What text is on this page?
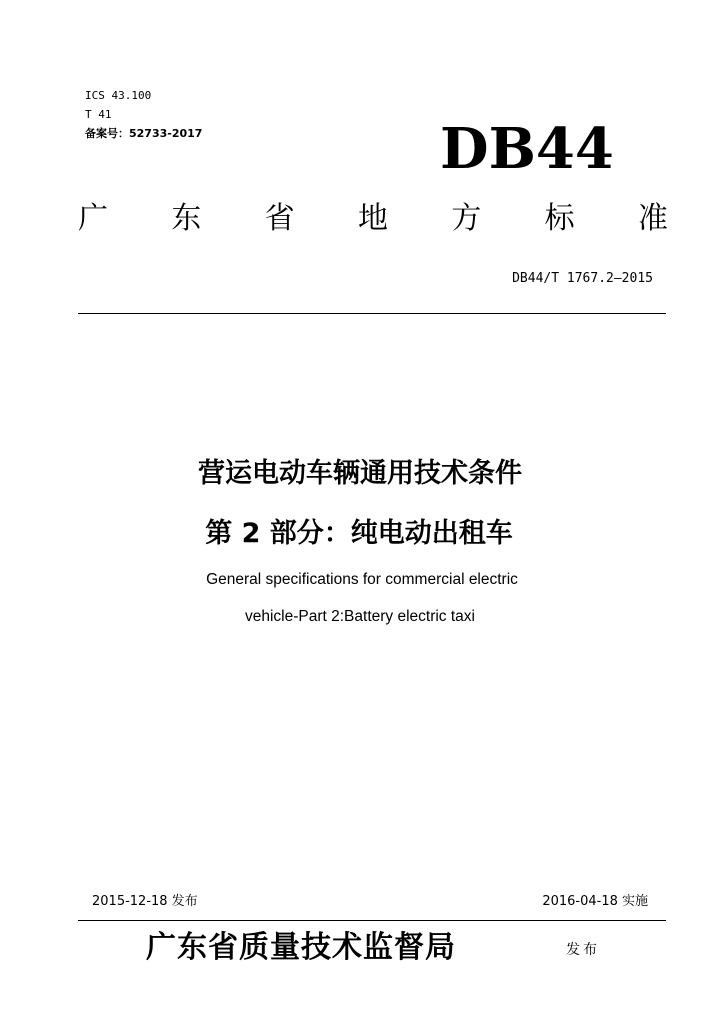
ICS 43.100
T 41
备案号：52733-2017	DB44
广 东 省 地 方 标 准
DB44/T 1767.2—2015
营运电动车辆通用技术条件
第 2 部分：纯电动出租车
General specifications for commercial electric
vehicle-Part 2:Battery electric taxi
2015-12-18 发布	2016-04-18 实施
广东省质量技术监督局	发布
